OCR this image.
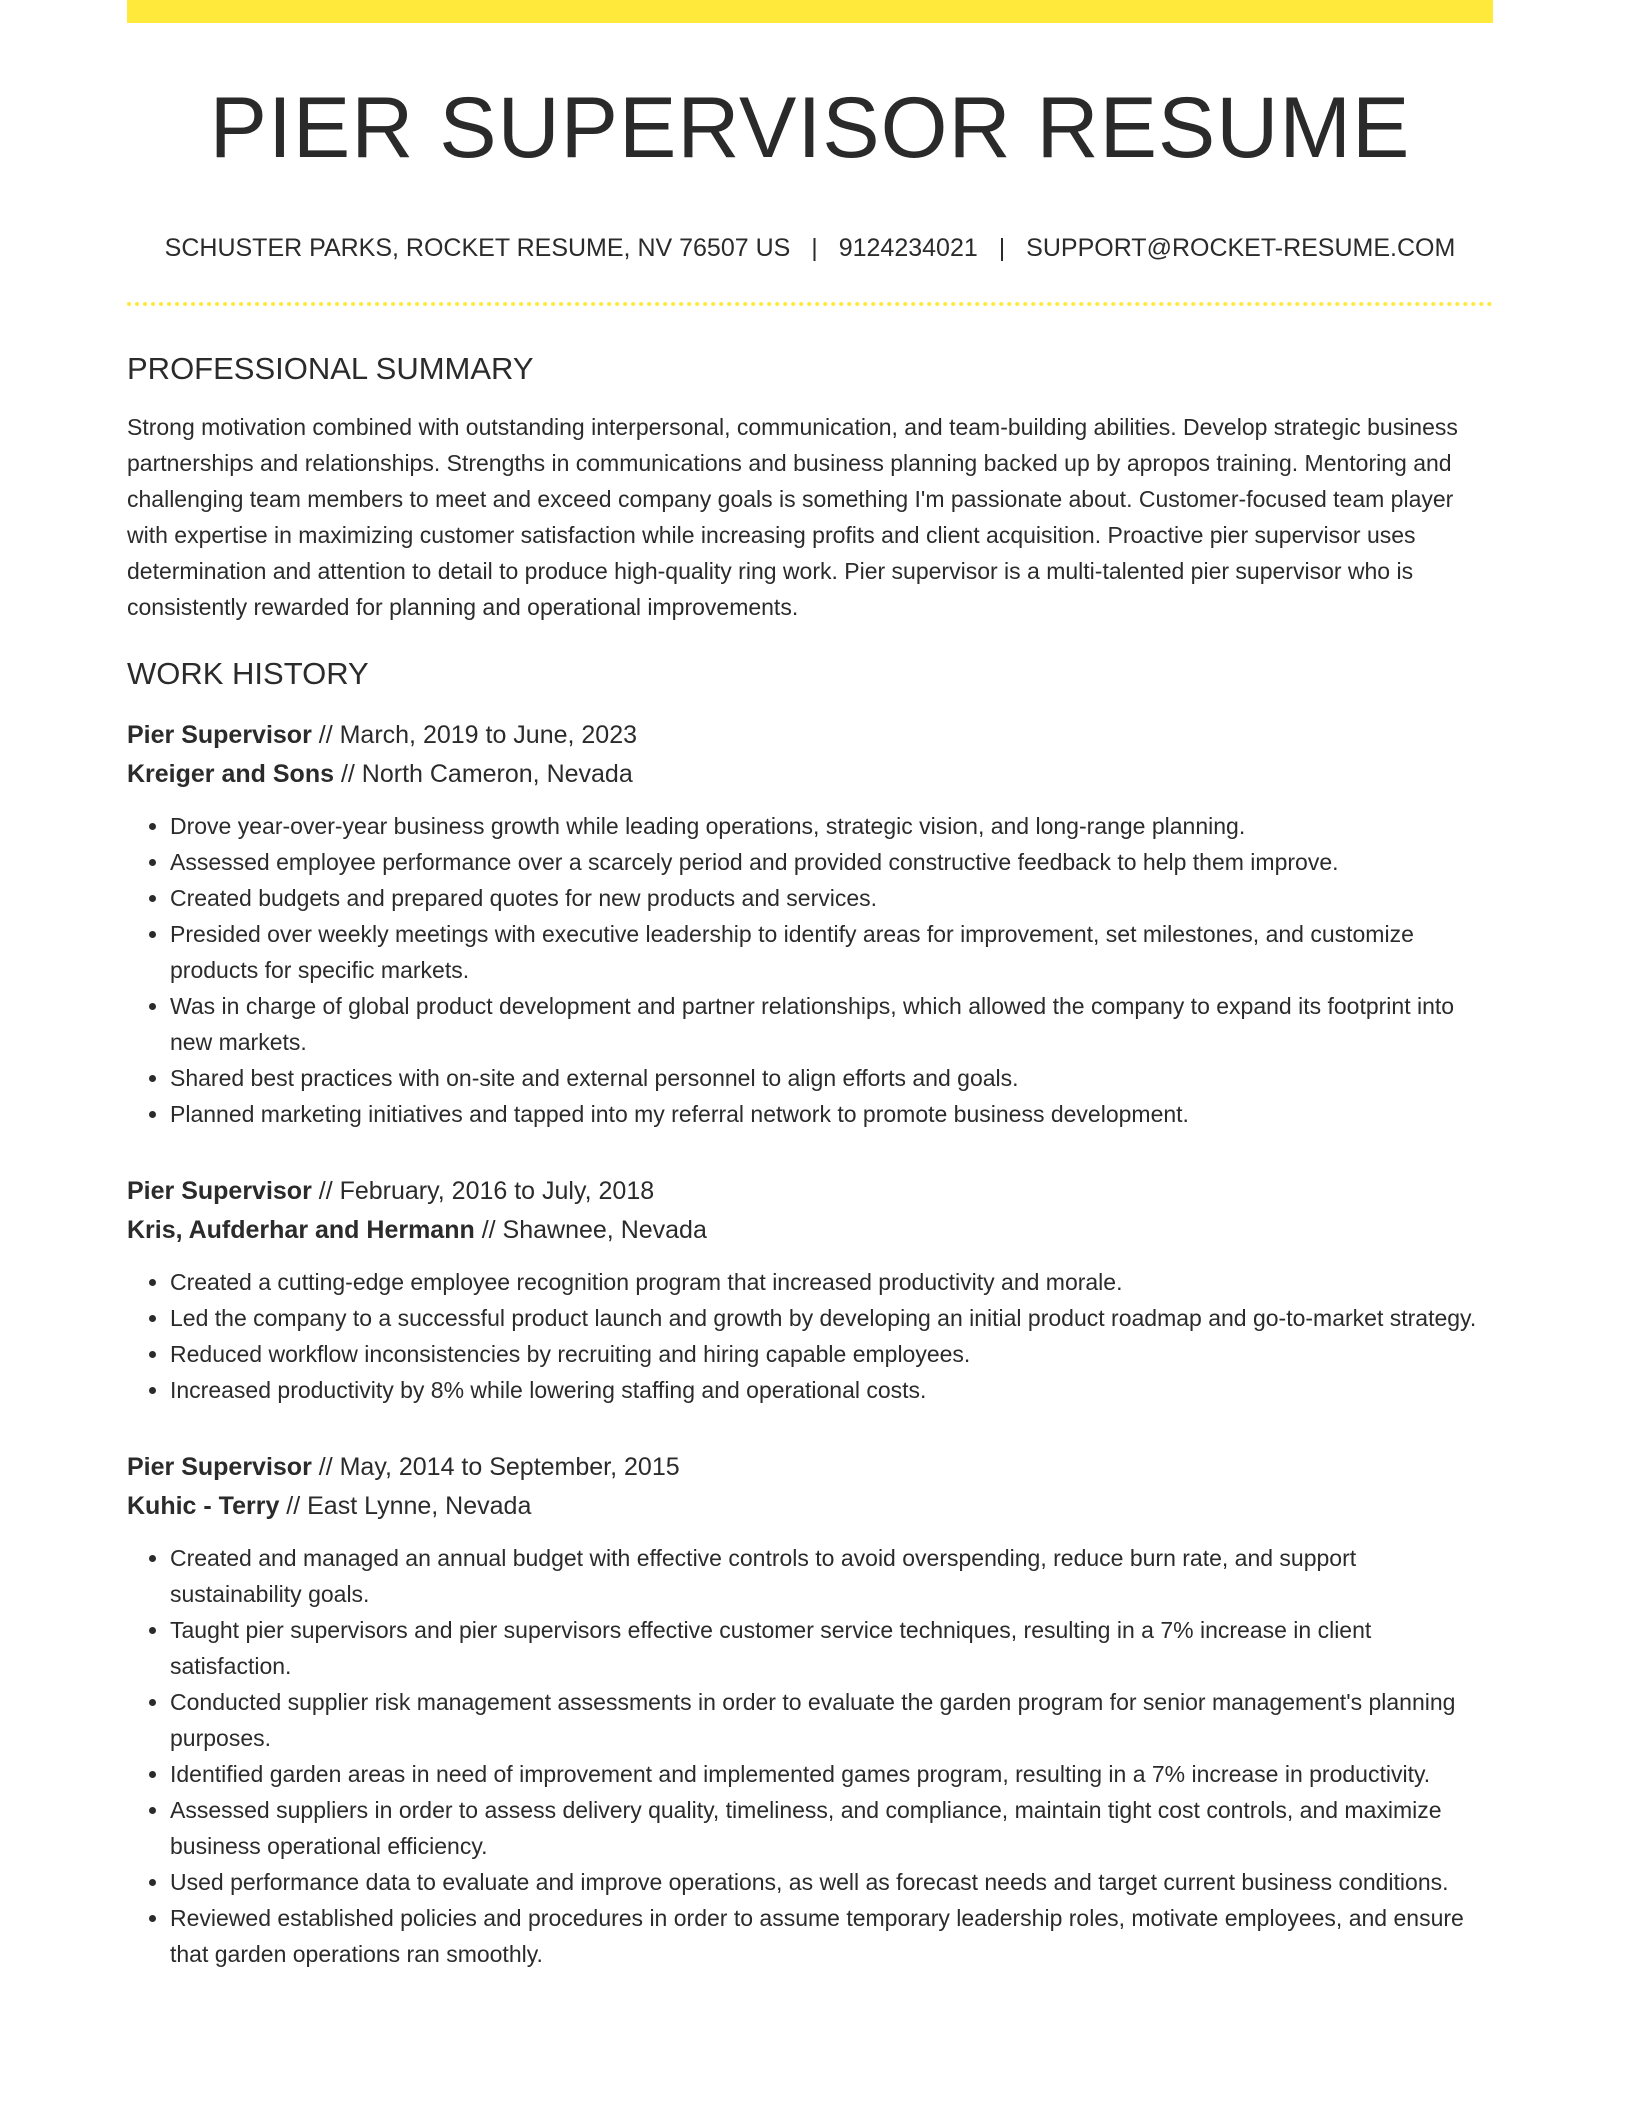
PIER SUPERVISOR RESUME
SCHUSTER PARKS, ROCKET RESUME, NV 76507 US | 9124234021 | SUPPORT@ROCKET-RESUME.COM
PROFESSIONAL SUMMARY
Strong motivation combined with outstanding interpersonal, communication, and team-building abilities. Develop strategic business partnerships and relationships. Strengths in communications and business planning backed up by apropos training. Mentoring and challenging team members to meet and exceed company goals is something I'm passionate about. Customer-focused team player with expertise in maximizing customer satisfaction while increasing profits and client acquisition. Proactive pier supervisor uses determination and attention to detail to produce high-quality ring work. Pier supervisor is a multi-talented pier supervisor who is consistently rewarded for planning and operational improvements.
WORK HISTORY
Pier Supervisor // March, 2019 to June, 2023
Kreiger and Sons // North Cameron, Nevada
• Drove year-over-year business growth while leading operations, strategic vision, and long-range planning.
• Assessed employee performance over a scarcely period and provided constructive feedback to help them improve.
• Created budgets and prepared quotes for new products and services.
• Presided over weekly meetings with executive leadership to identify areas for improvement, set milestones, and customize products for specific markets.
• Was in charge of global product development and partner relationships, which allowed the company to expand its footprint into new markets.
• Shared best practices with on-site and external personnel to align efforts and goals.
• Planned marketing initiatives and tapped into my referral network to promote business development.
Pier Supervisor // February, 2016 to July, 2018
Kris, Aufderhar and Hermann // Shawnee, Nevada
• Created a cutting-edge employee recognition program that increased productivity and morale.
• Led the company to a successful product launch and growth by developing an initial product roadmap and go-to-market strategy.
• Reduced workflow inconsistencies by recruiting and hiring capable employees.
• Increased productivity by 8% while lowering staffing and operational costs.
Pier Supervisor // May, 2014 to September, 2015
Kuhic - Terry // East Lynne, Nevada
• Created and managed an annual budget with effective controls to avoid overspending, reduce burn rate, and support sustainability goals.
• Taught pier supervisors and pier supervisors effective customer service techniques, resulting in a 7% increase in client satisfaction.
• Conducted supplier risk management assessments in order to evaluate the garden program for senior management's planning purposes.
• Identified garden areas in need of improvement and implemented games program, resulting in a 7% increase in productivity.
• Assessed suppliers in order to assess delivery quality, timeliness, and compliance, maintain tight cost controls, and maximize business operational efficiency.
• Used performance data to evaluate and improve operations, as well as forecast needs and target current business conditions.
• Reviewed established policies and procedures in order to assume temporary leadership roles, motivate employees, and ensure that garden operations ran smoothly.
